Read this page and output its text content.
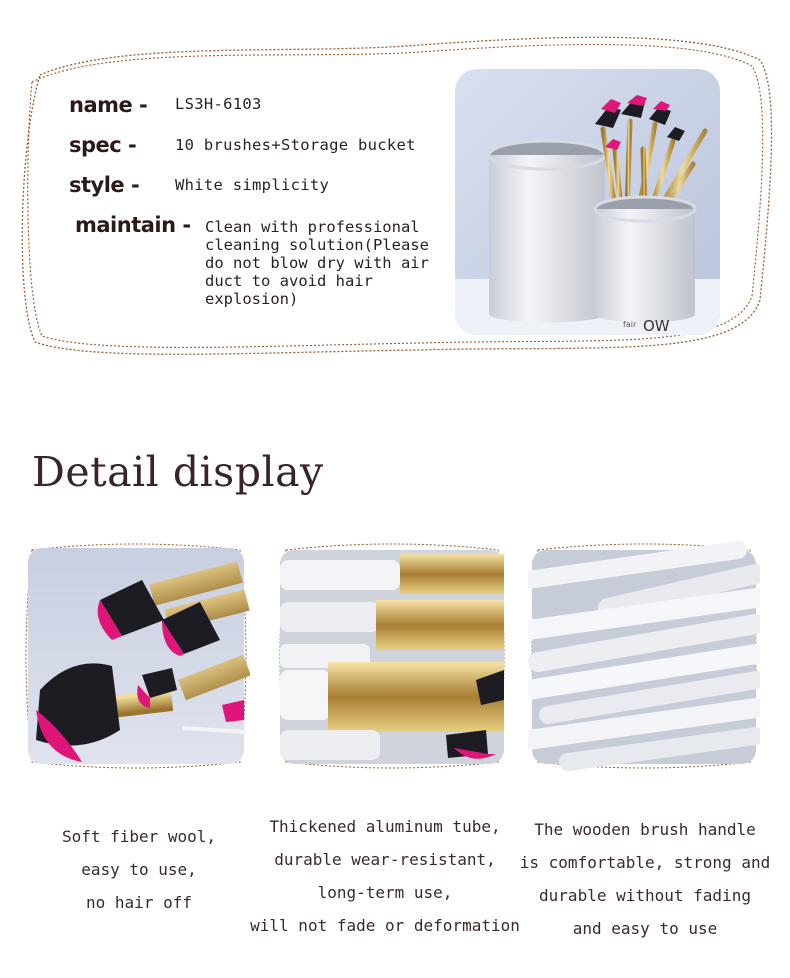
name - LS3H-6103
spec -	10 brushes+Storage bucket
style - White simplicity
maintain - Clean with professional cleaning solution(Please do not blow dry with air duct to avoid hair explosion)
OW
fair
Detail display
Soft fiber wool,
easy to use,
no hair off
Thickened aluminum tube,
durable wear-resistant,
long-term use,
will not fade or deformation
The wooden brush handle
is comfortable, strong and
durable without fading
and easy to use
